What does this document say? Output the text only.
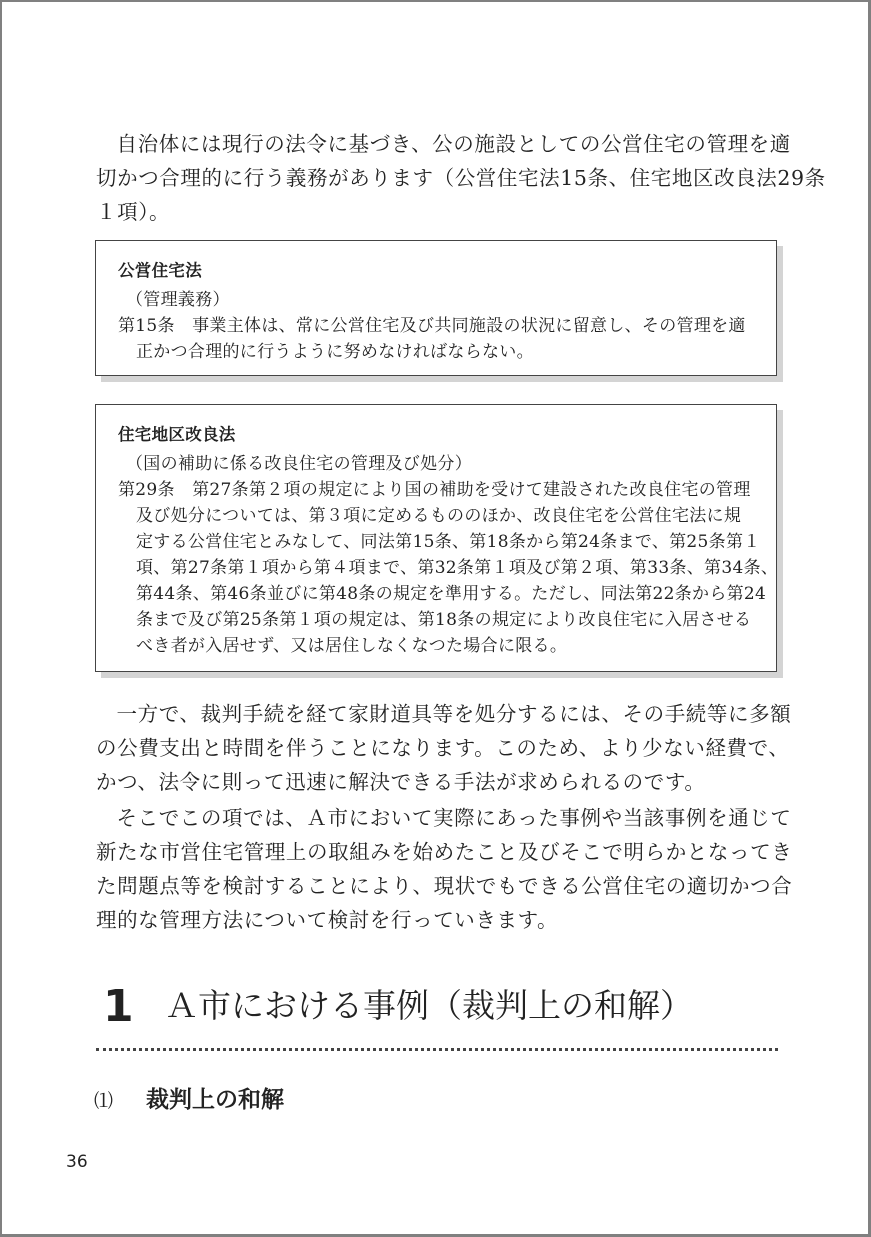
自治体には現行の法令に基づき、公の施設としての公営住宅の管理を適
切かつ合理的に行う義務があります（公営住宅法15条、住宅地区改良法29条
１項）。

公営住宅法
（管理義務）
第15条　事業主体は、常に公営住宅及び共同施設の状況に留意し、その管理を適
正かつ合理的に行うように努めなければならない。
住宅地区改良法
（国の補助に係る改良住宅の管理及び処分）
第29条　第27条第２項の規定により国の補助を受けて建設された改良住宅の管理
及び処分については、第３項に定めるもののほか、改良住宅を公営住宅法に規
定する公営住宅とみなして、同法第15条、第18条から第24条まで、第25条第１
項、第27条第１項から第４項まで、第32条第１項及び第２項、第33条、第34条、
第44条、第46条並びに第48条の規定を準用する。ただし、同法第22条から第24
条まで及び第25条第１項の規定は、第18条の規定により改良住宅に入居させる
べき者が入居せず、又は居住しなくなつた場合に限る。

一方で、裁判手続を経て家財道具等を処分するには、その手続等に多額
の公費支出と時間を伴うことになります。このため、より少ない経費で、
かつ、法令に則って迅速に解決できる手法が求められるのです。

そこでこの項では、Ａ市において実際にあった事例や当該事例を通じて
新たな市営住宅管理上の取組みを始めたこと及びそこで明らかとなってき
た問題点等を検討することにより、現状でもできる公営住宅の適切かつ合
理的な管理方法について検討を行っていきます。

1 Ａ市における事例（裁判上の和解）
⑴ 裁判上の和解
36
